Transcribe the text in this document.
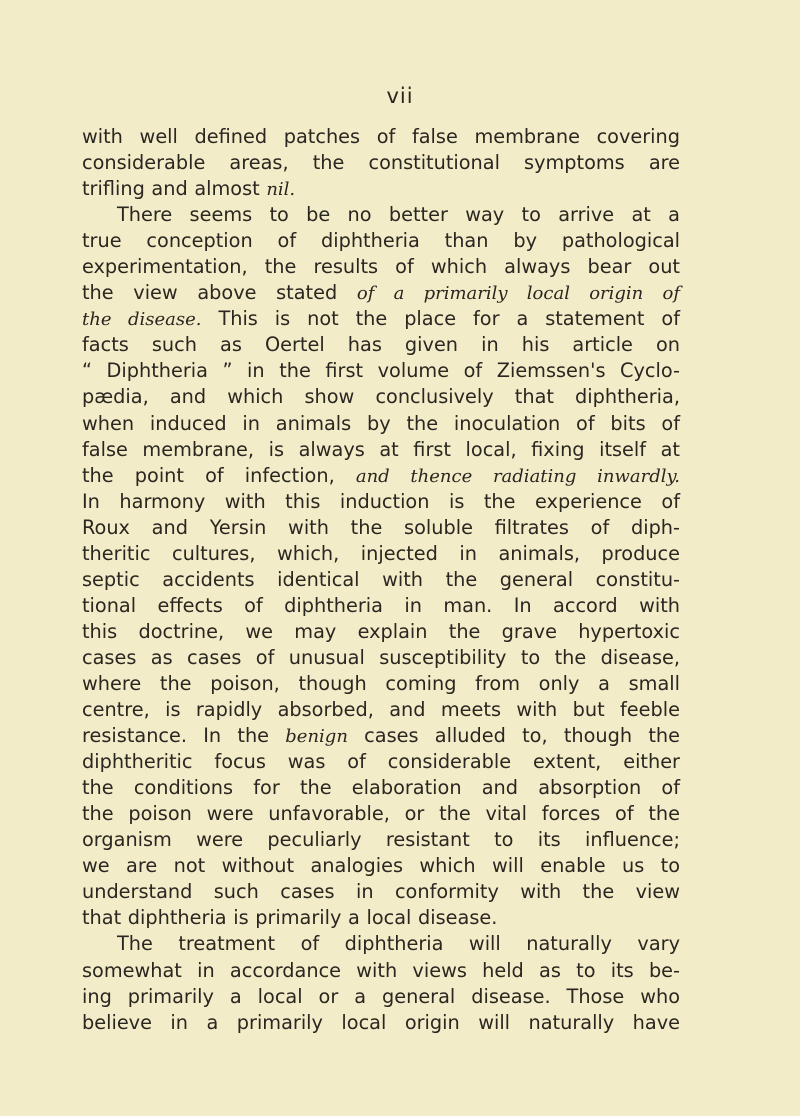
vii
with well defined patches of false membrane covering
considerable areas, the constitutional symptoms are
trifling and almost nil.
There seems to be no better way to arrive at a
true conception of diphtheria than by pathological
experimentation, the results of which always bear out
the view above stated of a primarily local origin of
the disease. This is not the place for a statement of
facts such as Oertel has given in his article on
“ Diphtheria ” in the first volume of Ziemssen's Cyclo-
pædia, and which show conclusively that diphtheria,
when induced in animals by the inoculation of bits of
false membrane, is always at first local, fixing itself at
the point of infection, and thence radiating inwardly.
In harmony with this induction is the experience of
Roux and Yersin with the soluble filtrates of diph-
theritic cultures, which, injected in animals, produce
septic accidents identical with the general constitu-
tional effects of diphtheria in man. In accord with
this doctrine, we may explain the grave hypertoxic
cases as cases of unusual susceptibility to the disease,
where the poison, though coming from only a small
centre, is rapidly absorbed, and meets with but feeble
resistance. In the benign cases alluded to, though the
diphtheritic focus was of considerable extent, either
the conditions for the elaboration and absorption of
the poison were unfavorable, or the vital forces of the
organism were peculiarly resistant to its influence;
we are not without analogies which will enable us to
understand such cases in conformity with the view
that diphtheria is primarily a local disease.
The treatment of diphtheria will naturally vary
somewhat in accordance with views held as to its be-
ing primarily a local or a general disease. Those who
believe in a primarily local origin will naturally have
